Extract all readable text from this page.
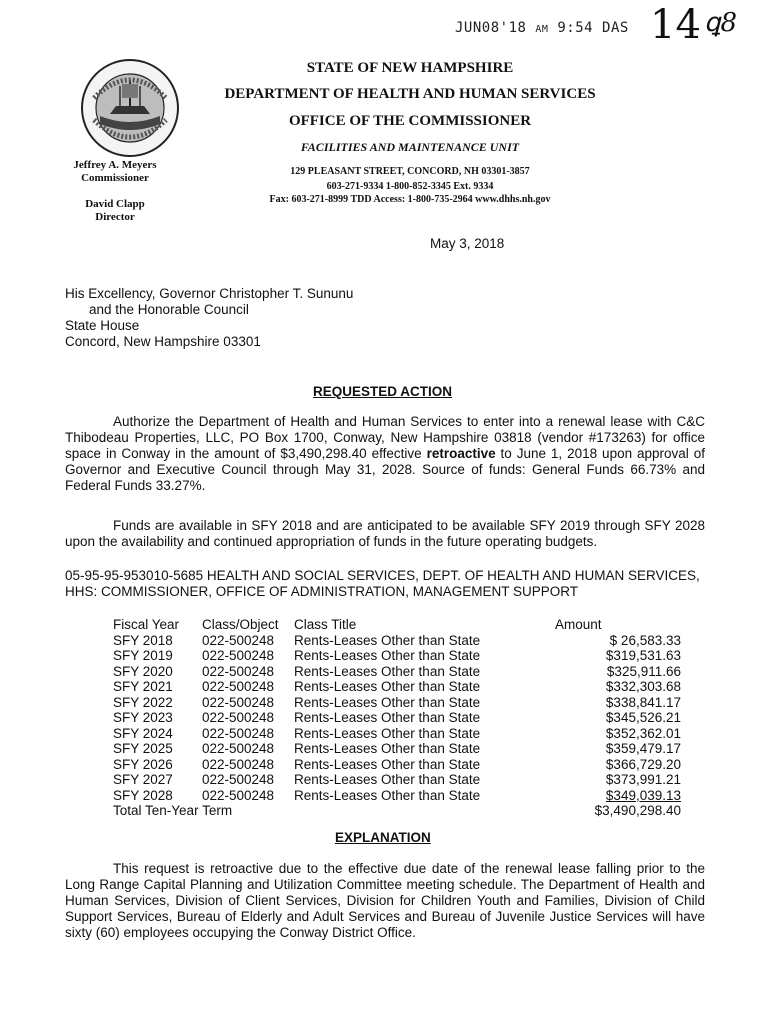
JUN08'18 AM 9:54 DAS 14 ꝗ8
STATE OF NEW HAMPSHIRE
DEPARTMENT OF HEALTH AND HUMAN SERVICES
OFFICE OF THE COMMISSIONER
FACILITIES AND MAINTENANCE UNIT
129 PLEASANT STREET, CONCORD, NH 03301-3857
603-271-9334 1-800-852-3345 Ext. 9334
Fax: 603-271-8999 TDD Access: 1-800-735-2964 www.dhhs.nh.gov
Jeffrey A. Meyers
Commissioner
David Clapp
Director
May 3, 2018
His Excellency, Governor Christopher T. Sununu
and the Honorable Council
State House
Concord, New Hampshire 03301
REQUESTED ACTION
Authorize the Department of Health and Human Services to enter into a renewal lease with C&C Thibodeau Properties, LLC, PO Box 1700, Conway, New Hampshire 03818 (vendor #173263) for office space in Conway in the amount of $3,490,298.40 effective retroactive to June 1, 2018 upon approval of Governor and Executive Council through May 31, 2028. Source of funds: General Funds 66.73% and Federal Funds 33.27%.
Funds are available in SFY 2018 and are anticipated to be available SFY 2019 through SFY 2028 upon the availability and continued appropriation of funds in the future operating budgets.
05-95-95-953010-5685 HEALTH AND SOCIAL SERVICES, DEPT. OF HEALTH AND HUMAN SERVICES, HHS: COMMISSIONER, OFFICE OF ADMINISTRATION, MANAGEMENT SUPPORT
Fiscal Year Class/Object Class Title	Amount
SFY 2018 022-500248 Rents-Leases Other than State	$ 26,583.33
SFY 2019 022-500248 Rents-Leases Other than State	$319,531.63
SFY 2020 022-500248 Rents-Leases Other than State	$325,911.66
SFY 2021 022-500248 Rents-Leases Other than State	$332,303.68
SFY 2022 022-500248 Rents-Leases Other than State	$338,841.17
SFY 2023 022-500248 Rents-Leases Other than State	$345,526.21
SFY 2024 022-500248 Rents-Leases Other than State	$352,362.01
SFY 2025 022-500248 Rents-Leases Other than State	$359,479.17
SFY 2026 022-500248 Rents-Leases Other than State	$366,729.20
SFY 2027 022-500248 Rents-Leases Other than State	$373,991.21
SFY 2028 022-500248 Rents-Leases Other than State	$349,039.13
Total Ten-Year Term	$3,490,298.40
EXPLANATION
This request is retroactive due to the effective due date of the renewal lease falling prior to the Long Range Capital Planning and Utilization Committee meeting schedule. The Department of Health and Human Services, Division of Client Services, Division for Children Youth and Families, Division of Child Support Services, Bureau of Elderly and Adult Services and Bureau of Juvenile Justice Services will have sixty (60) employees occupying the Conway District Office.
